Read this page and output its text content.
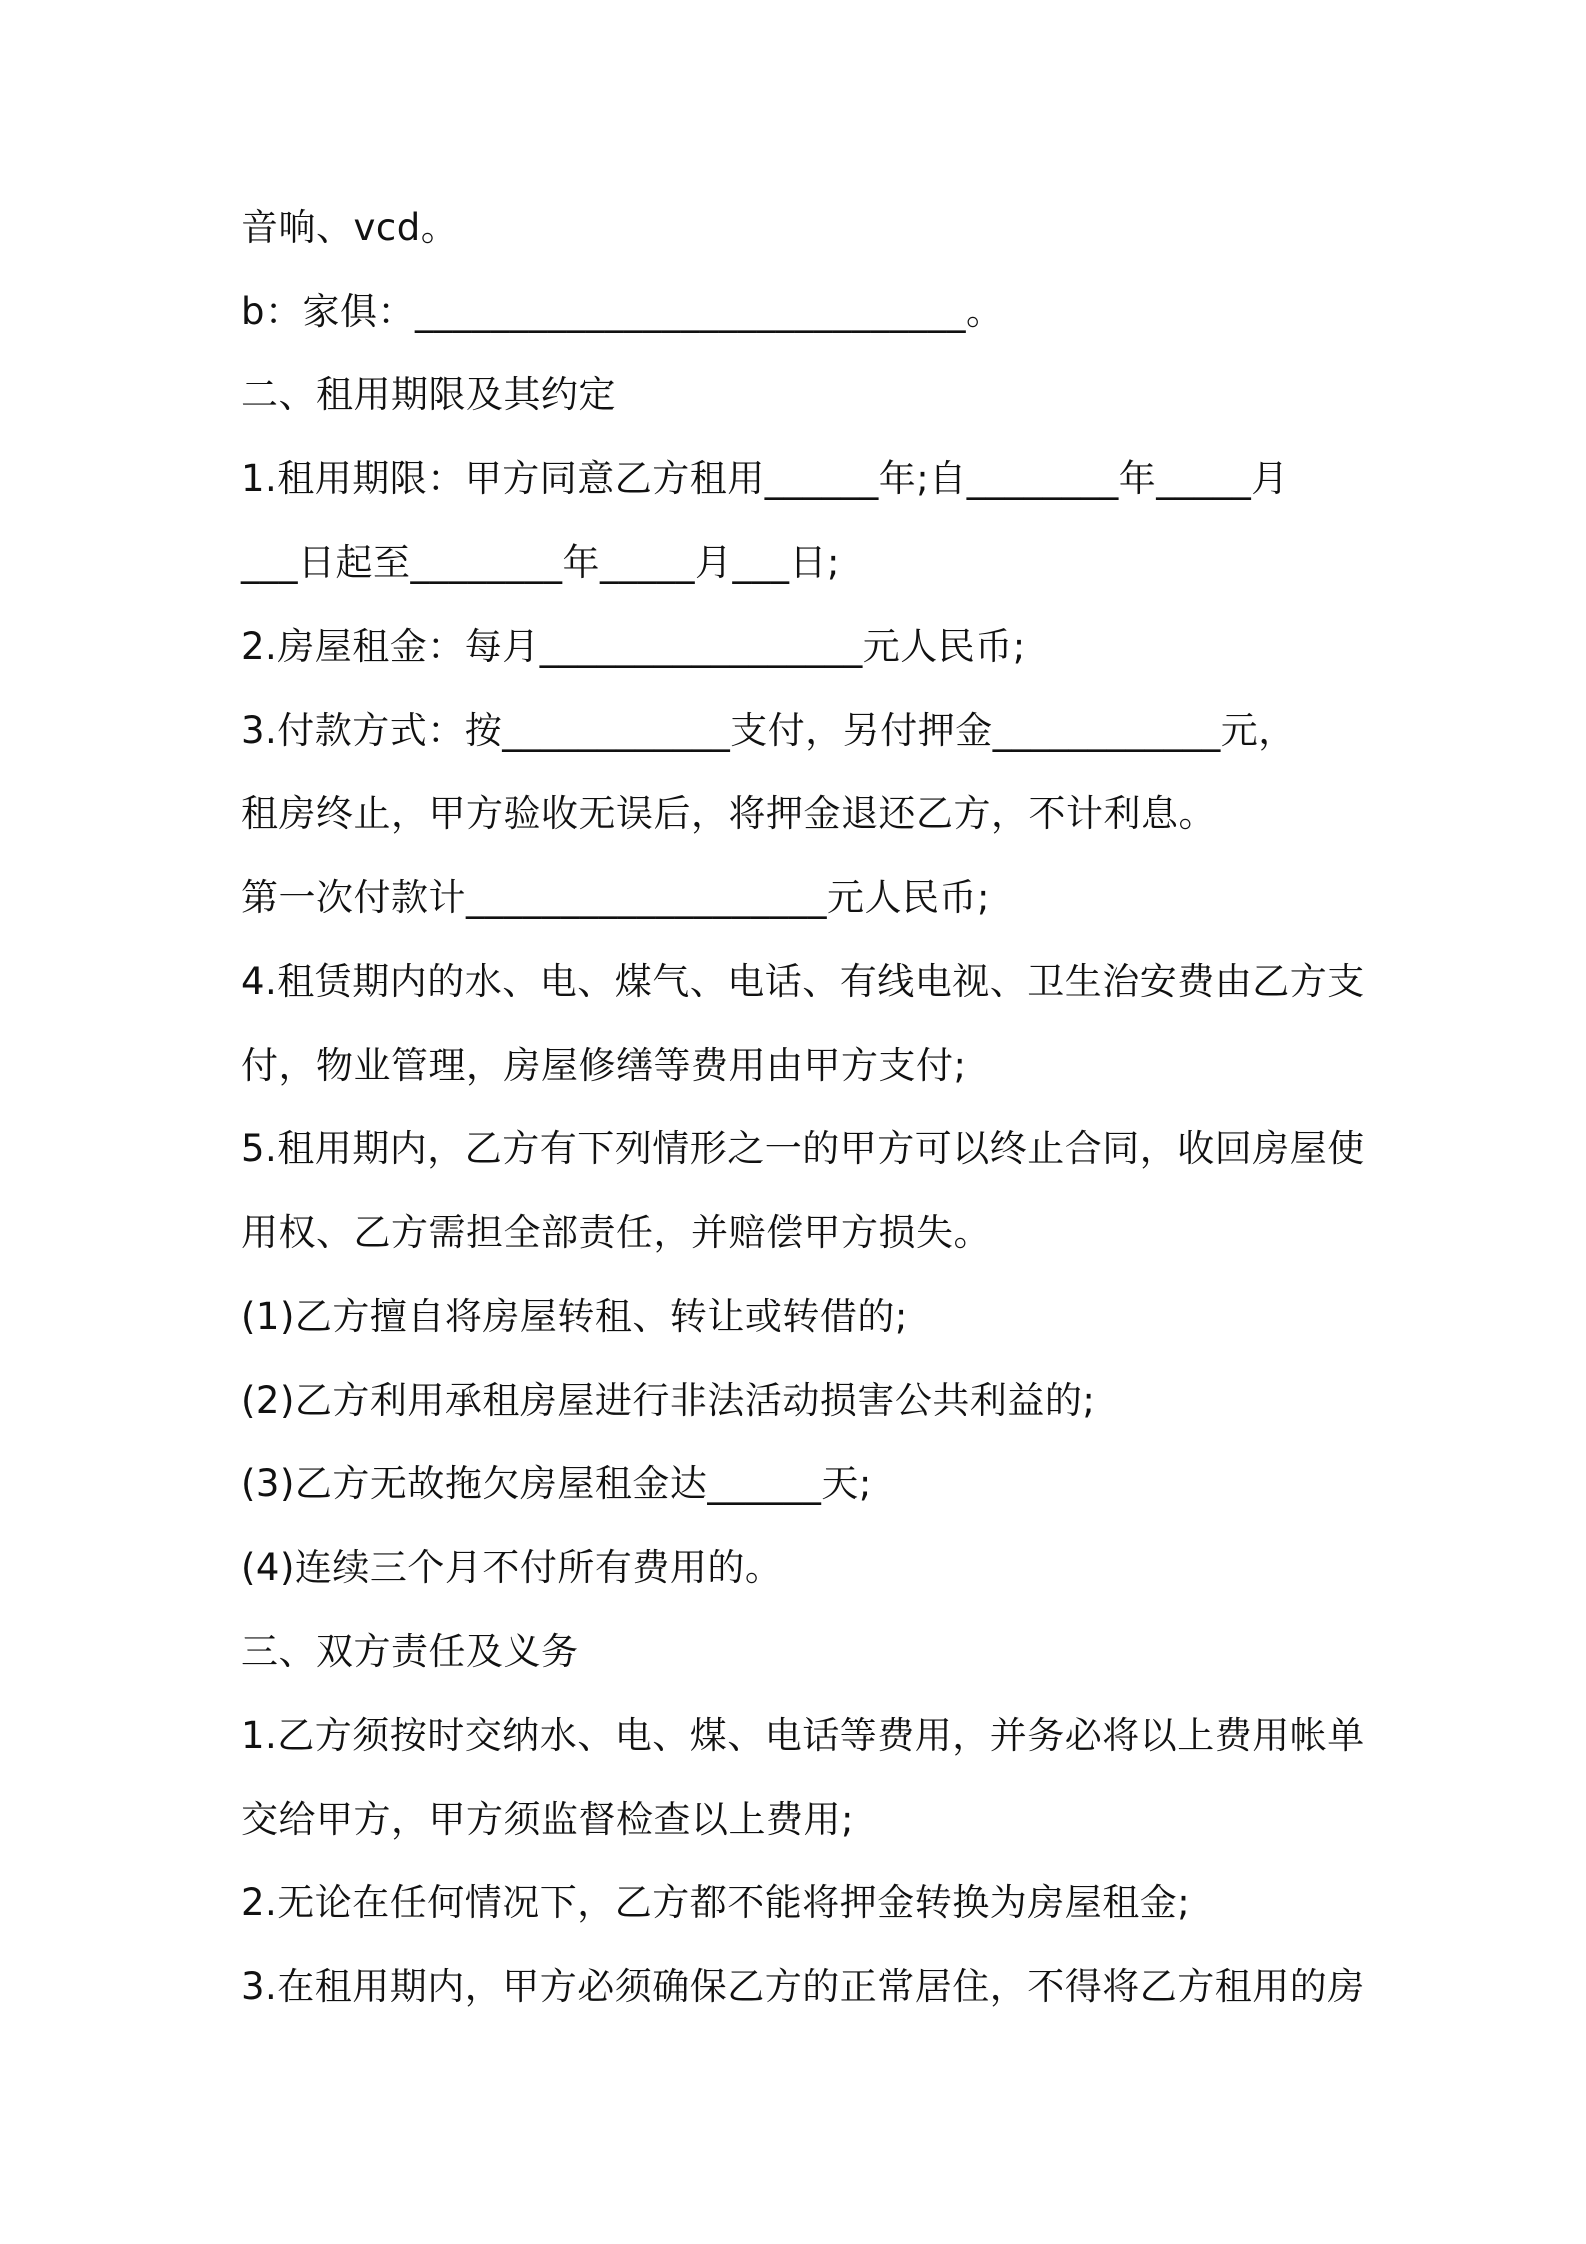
音响、vcd。
b：家俱：_____________________________。
二、租用期限及其约定
1.租用期限：甲方同意乙方租用______年;自________年_____月
___日起至________年_____月___日;
2.房屋租金：每月_________________元人民币;
3.付款方式：按____________支付，另付押金____________元，
租房终止，甲方验收无误后，将押金退还乙方，不计利息。
第一次付款计___________________元人民币;
4.租赁期内的水、电、煤气、电话、有线电视、卫生治安费由乙方支
付，物业管理，房屋修缮等费用由甲方支付;
5.租用期内，乙方有下列情形之一的甲方可以终止合同，收回房屋使
用权、乙方需担全部责任，并赔偿甲方损失。
(1)乙方擅自将房屋转租、转让或转借的;
(2)乙方利用承租房屋进行非法活动损害公共利益的;
(3)乙方无故拖欠房屋租金达______天;
(4)连续三个月不付所有费用的。
三、双方责任及义务
1.乙方须按时交纳水、电、煤、电话等费用，并务必将以上费用帐单
交给甲方，甲方须监督检查以上费用;
2.无论在任何情况下，乙方都不能将押金转换为房屋租金;
3.在租用期内，甲方必须确保乙方的正常居住，不得将乙方租用的房
